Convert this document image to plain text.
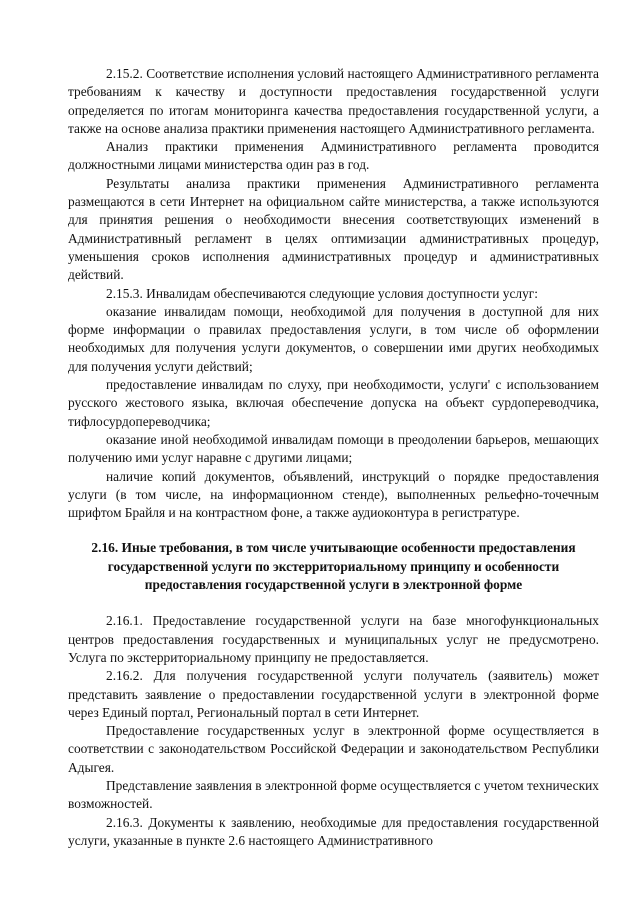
2.15.2. Соответствие исполнения условий настоящего Административного регламента требованиям к качеству и доступности предоставления государственной услуги определяется по итогам мониторинга качества предоставления государственной услуги, а также на основе анализа практики применения настоящего Административного регламента.

Анализ практики применения Административного регламента проводится должностными лицами министерства один раз в год.

Результаты анализа практики применения Административного регламента размещаются в сети Интернет на официальном сайте министерства, а также используются для принятия решения о необходимости внесения соответствующих изменений в Административный регламент в целях оптимизации административных процедур, уменьшения сроков исполнения административных процедур и административных действий.

2.15.3. Инвалидам обеспечиваются следующие условия доступности услуг:

оказание инвалидам помощи, необходимой для получения в доступной для них форме информации о правилах предоставления услуги, в том числе об оформлении необходимых для получения услуги документов, о совершении ими других необходимых для получения услуги действий;

предоставление инвалидам по слуху, при необходимости, услуги' с использованием русского жестового языка, включая обеспечение допуска на объект сурдопереводчика, тифлосурдопереводчика;

оказание иной необходимой инвалидам помощи в преодолении барьеров, мешающих получению ими услуг наравне с другими лицами;

наличие копий документов, объявлений, инструкций о порядке предоставления услуги (в том числе, на информационном стенде), выполненных рельефно-точечным шрифтом Брайля и на контрастном фоне, а также аудиоконтура в регистратуре.

2.16. Иные требования, в том числе учитывающие особенности предоставления государственной услуги по экстерриториальному принципу и особенности предоставления государственной услуги в электронной форме

2.16.1. Предоставление государственной услуги на базе многофункциональных центров предоставления государственных и муниципальных услуг не предусмотрено. Услуга по экстерриториальному принципу не предоставляется.

2.16.2. Для получения государственной услуги получатель (заявитель) может представить заявление о предоставлении государственной услуги в электронной форме через Единый портал, Региональный портал в сети Интернет.

Предоставление государственных услуг в электронной форме осуществляется в соответствии с законодательством Российской Федерации и законодательством Республики Адыгея.

Представление заявления в электронной форме осуществляется с учетом технических возможностей.

2.16.3. Документы к заявлению, необходимые для предоставления государственной услуги, указанные в пункте 2.6 настоящего Административного
